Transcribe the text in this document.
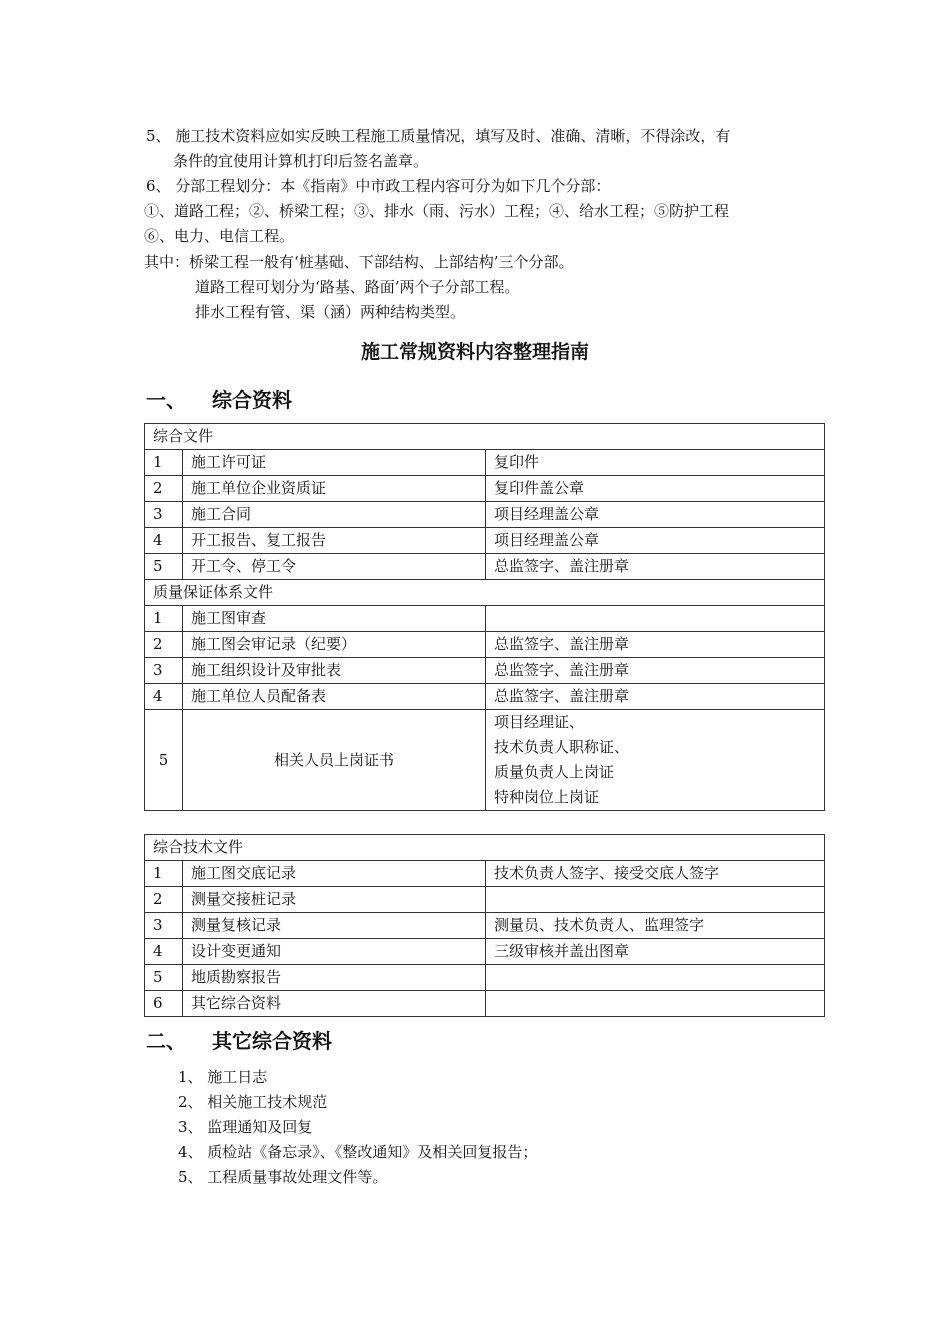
5、 施工技术资料应如实反映工程施工质量情况，填写及时、准确、清晰，不得涂改，有
条件的宜使用计算机打印后签名盖章。
6、 分部工程划分：本《指南》中市政工程内容可分为如下几个分部：
①、道路工程；②、桥梁工程；③、排水（雨、污水）工程；④、给水工程；⑤防护工程
⑥、电力、电信工程。
其中：桥梁工程一般有‘桩基础、下部结构、上部结构’三个分部。
道路工程可划分为‘路基、路面’两个子分部工程。
排水工程有管、渠（涵）两种结构类型。
施工常规资料内容整理指南
一、 综合资料
综合文件		
1	施工许可证	复印件
2	施工单位企业资质证	复印件盖公章
3	施工合同	项目经理盖公章
4	开工报告、复工报告	项目经理盖公章
5	开工令、停工令	总监签字、盖注册章
质量保证体系文件		
1	施工图审查	
2	施工图会审记录（纪要）	总监签字、盖注册章
3	施工组织设计及审批表	总监签字、盖注册章
4	施工单位人员配备表	总监签字、盖注册章
5	相关人员上岗证书	项目经理证、
技术负责人职称证、
质量负责人上岗证
特种岗位上岗证
综合技术文件		
1	施工图交底记录	技术负责人签字、接受交底人签字
2	测量交接桩记录	
3	测量复核记录	测量员、技术负责人、监理签字
4	设计变更通知	三级审核并盖出图章
5	地质勘察报告	
6	其它综合资料	
二、 其它综合资料
1、 施工日志
2、 相关施工技术规范
3、 监理通知及回复
4、 质检站《备忘录》、《整改通知》及相关回复报告；
5、 工程质量事故处理文件等。
